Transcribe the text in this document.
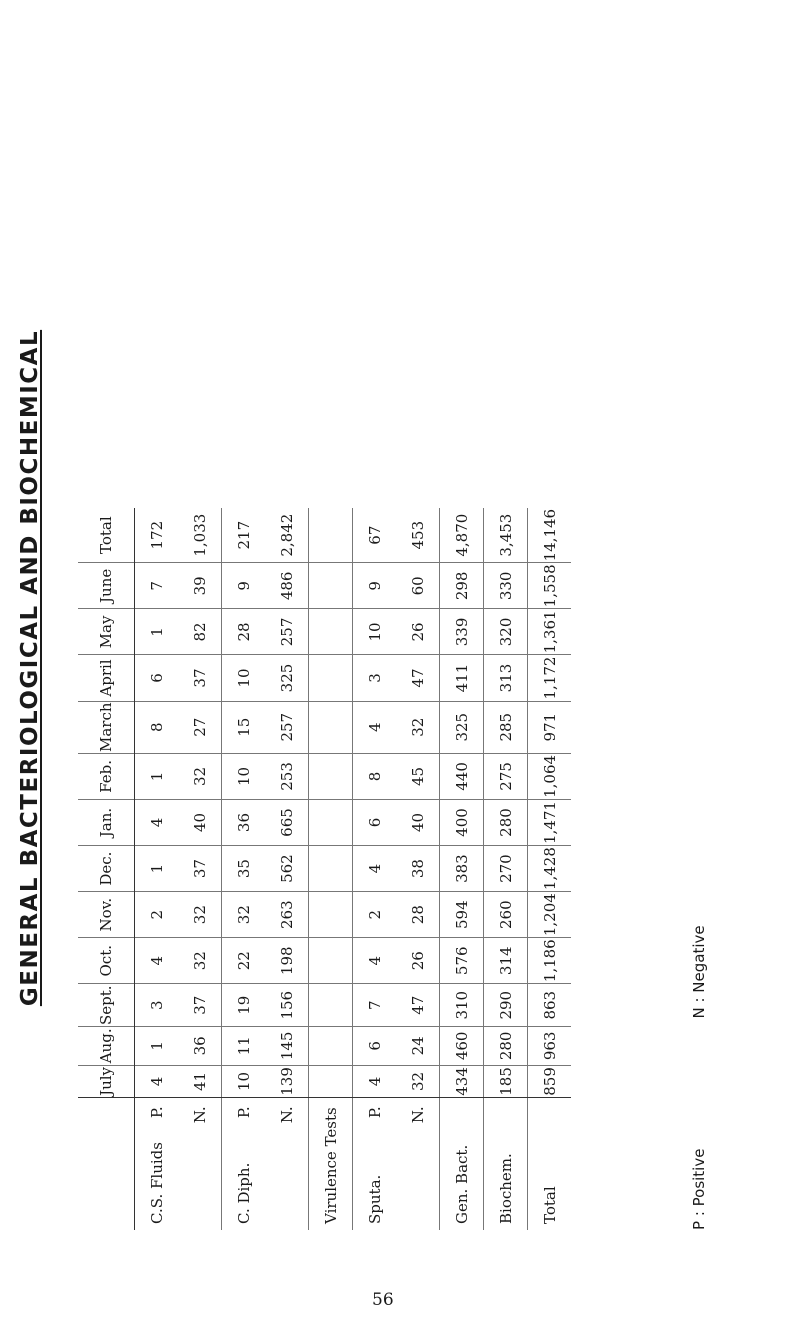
GENERAL BACTERIOLOGICAL AND BIOCHEMICAL
	July	Aug.	Sept.	Oct.	Nov.	Dec.	Jan.	Feb.	March	April	May	June	Total

C.S. Fluids
P.	4	1	3	4	2	1	4	1	8	6	1	7	172

N.	41	36	37	32	32	37	40	32	27	37	82	39	1,033

C. Diph.
P.	10	11	19	22	32	35	36	10	15	10	28	9	217

N.	139	145	156	198	263	562	665	253	257	325	257	486	2,842

Virulence Tests													

Sputa.
P.	4	6	7	4	2	4	6	8	4	3	10	9	67

N.	32	24	47	26	28	38	40	45	32	47	26	60	453

Gen. Bact.	434	460	310	576	594	383	400	440	325	411	339	298	4,870

Biochem.	185	280	290	314	260	270	280	275	285	313	320	330	3,453

Total	859	963	863	1,186	1,204	1,428	1,471	1,064	971	1,172	1,361	1,558	14,146
56
P : Positive
N : Negative
